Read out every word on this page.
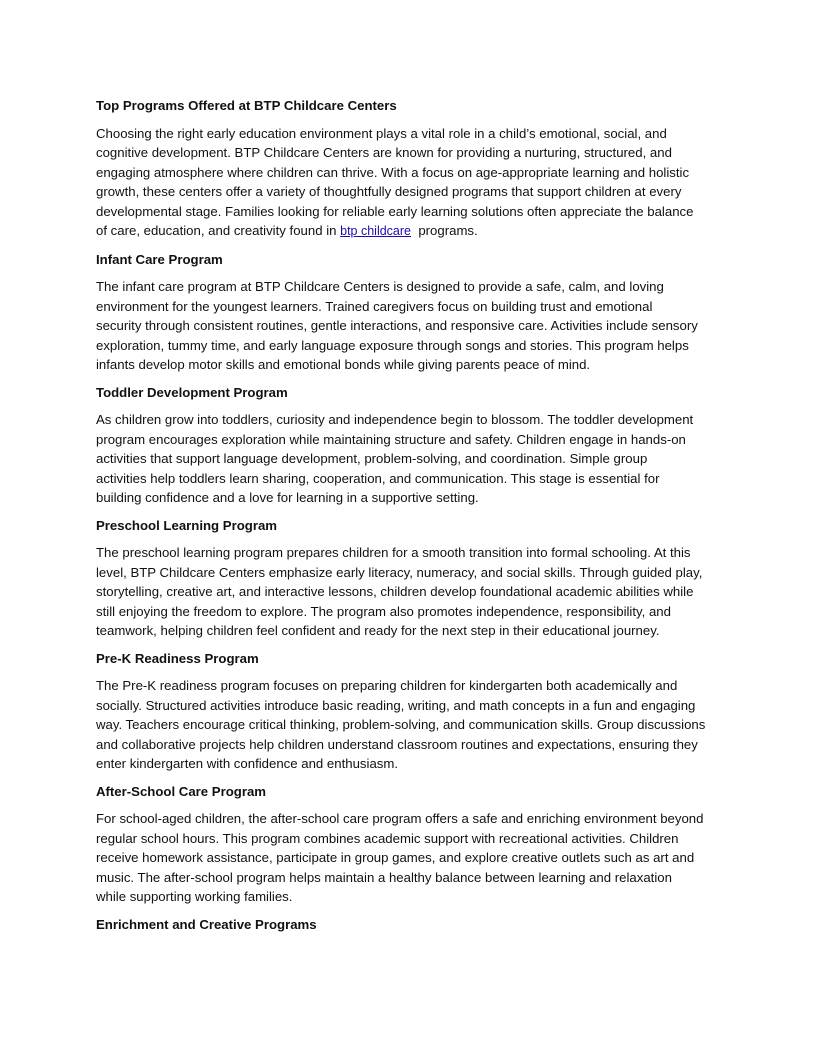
Top Programs Offered at BTP Childcare Centers
Choosing the right early education environment plays a vital role in a child’s emotional, social, and
cognitive development. BTP Childcare Centers are known for providing a nurturing, structured, and
engaging atmosphere where children can thrive. With a focus on age-appropriate learning and holistic
growth, these centers offer a variety of thoughtfully designed programs that support children at every
developmental stage. Families looking for reliable early learning solutions often appreciate the balance
of care, education, and creativity found in btp childcare  programs.
Infant Care Program
The infant care program at BTP Childcare Centers is designed to provide a safe, calm, and loving
environment for the youngest learners. Trained caregivers focus on building trust and emotional
security through consistent routines, gentle interactions, and responsive care. Activities include sensory
exploration, tummy time, and early language exposure through songs and stories. This program helps
infants develop motor skills and emotional bonds while giving parents peace of mind.
Toddler Development Program
As children grow into toddlers, curiosity and independence begin to blossom. The toddler development
program encourages exploration while maintaining structure and safety. Children engage in hands-on
activities that support language development, problem-solving, and coordination. Simple group
activities help toddlers learn sharing, cooperation, and communication. This stage is essential for
building confidence and a love for learning in a supportive setting.
Preschool Learning Program
The preschool learning program prepares children for a smooth transition into formal schooling. At this
level, BTP Childcare Centers emphasize early literacy, numeracy, and social skills. Through guided play,
storytelling, creative art, and interactive lessons, children develop foundational academic abilities while
still enjoying the freedom to explore. The program also promotes independence, responsibility, and
teamwork, helping children feel confident and ready for the next step in their educational journey.
Pre-K Readiness Program
The Pre-K readiness program focuses on preparing children for kindergarten both academically and
socially. Structured activities introduce basic reading, writing, and math concepts in a fun and engaging
way. Teachers encourage critical thinking, problem-solving, and communication skills. Group discussions
and collaborative projects help children understand classroom routines and expectations, ensuring they
enter kindergarten with confidence and enthusiasm.
After-School Care Program
For school-aged children, the after-school care program offers a safe and enriching environment beyond
regular school hours. This program combines academic support with recreational activities. Children
receive homework assistance, participate in group games, and explore creative outlets such as art and
music. The after-school program helps maintain a healthy balance between learning and relaxation
while supporting working families.
Enrichment and Creative Programs
